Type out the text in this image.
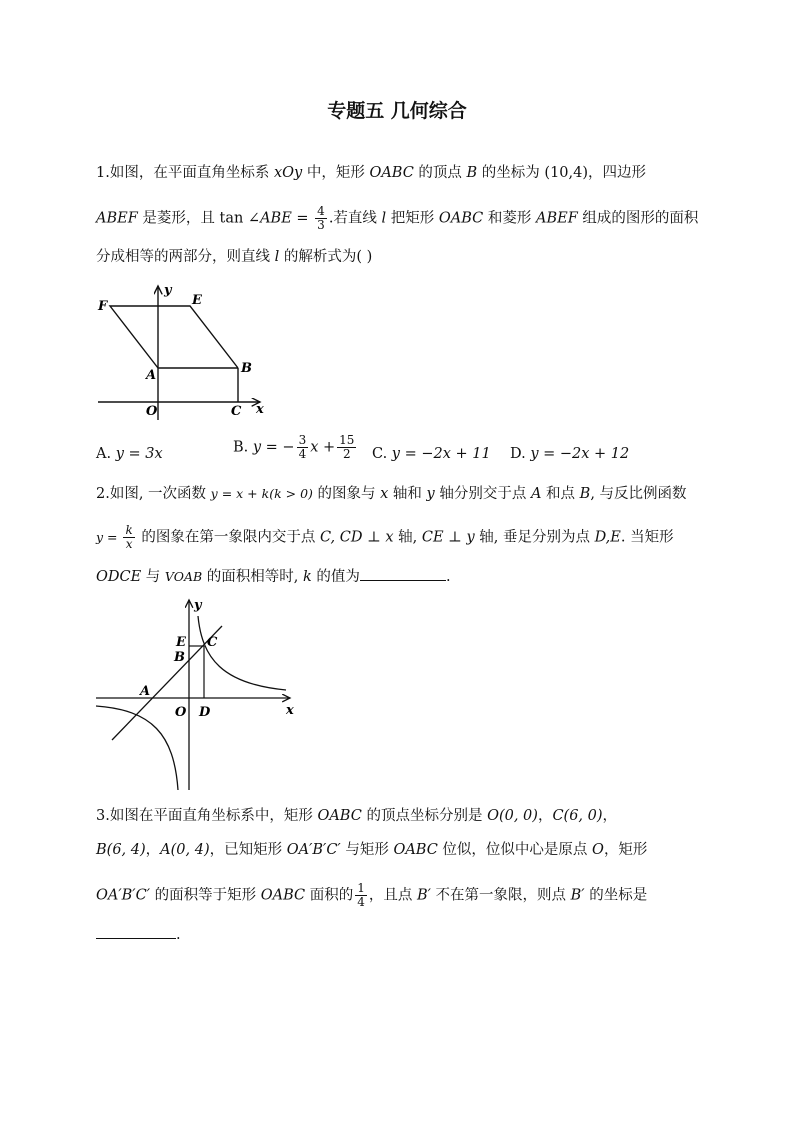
专题五 几何综合
1.如图，在平面直角坐标系 xOy 中，矩形 OABC 的顶点 B 的坐标为 (10,4)，四边形
ABEF 是菱形，且 tan ∠ABE = $\frac{4}{3}$ .若直线 l 把矩形 OABC 和菱形 ABEF 组成的图形的面积
分成相等的两部分，则直线 l 的解析式为( )
F	E
y
A	B
O	C x
A. y = 3x	B. y = − $\frac{3}{4}$ $x + \frac{15}{2} C$. y = −2x + 11 D. y = −2x + 12
2.如图, 一次函数 y = x + k(k > 0) 的图象与 x 轴和 y 轴分别交于点 A 和点 B, 与反比例函数
$y = \frac{k}{x}$ 的图象在第一象限内交于点 C, CD ⊥ x 轴, CE ⊥ y 轴, 垂足分别为点 D,E. 当矩形
ODCE 与 VOAB 的面积相等时, k 的值为	.
y
E C
B
A
O D	x
3.如图在平面直角坐标系中，矩形 OABC 的顶点坐标分别是 O(0, 0)，C(6, 0)，
B(6, 4)，A(0, 4)，已知矩形 OA′B′C′ 与矩形 OABC 位似，位似中心是原点 O，矩形
OA′B′C′ 的面积等于矩形 OABC 面积的 $\frac{1}{4}$ ，且点 B′ 不在第一象限，则点 B′ 的坐标是
.
